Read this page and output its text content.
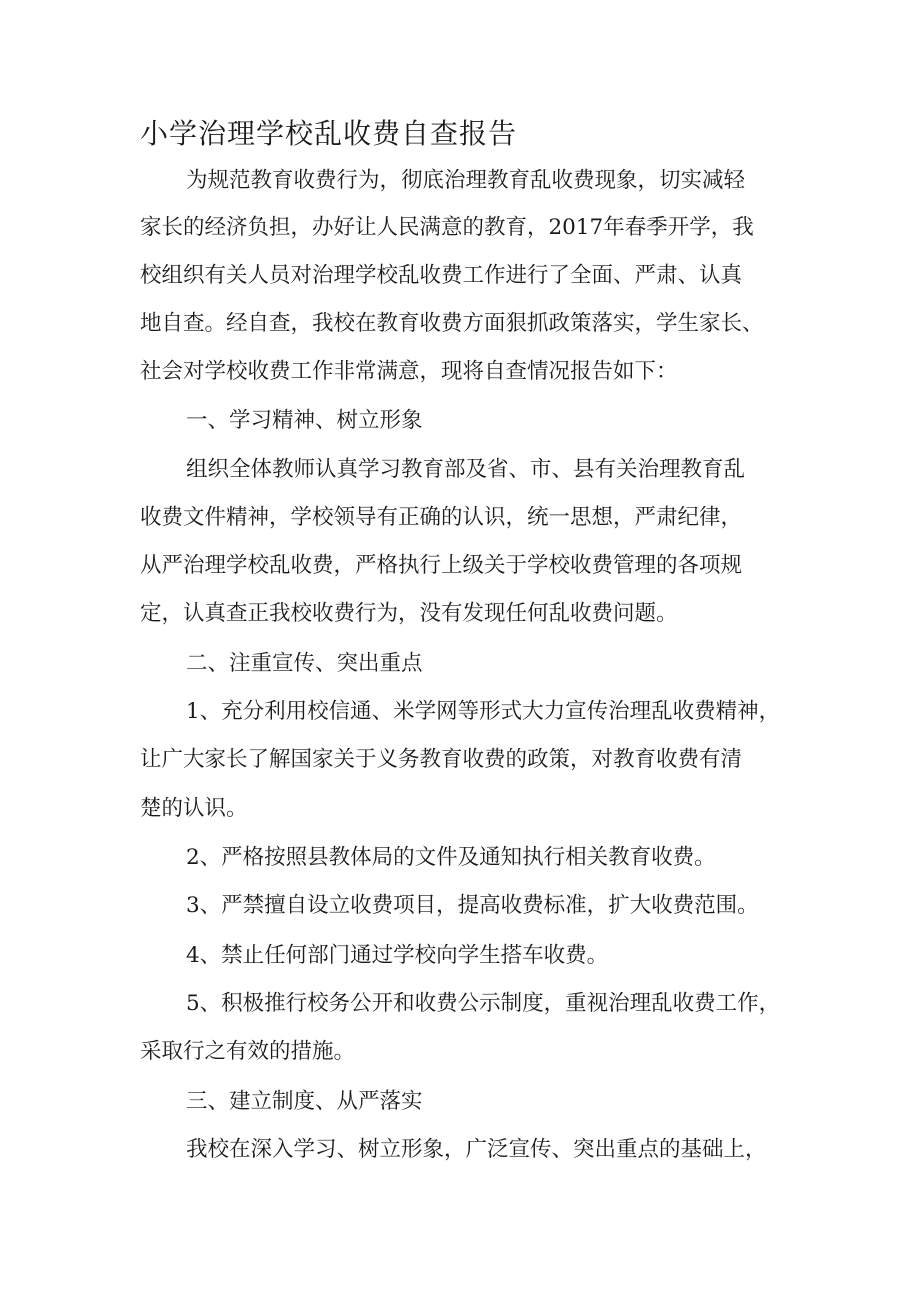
小学治理学校乱收费自查报告

为规范教育收费行为，彻底治理教育乱收费现象，切实减轻

家长的经济负担，办好让人民满意的教育，2017年春季开学，我

校组织有关人员对治理学校乱收费工作进行了全面、严肃、认真

地自查。经自查，我校在教育收费方面狠抓政策落实，学生家长、

社会对学校收费工作非常满意，现将自查情况报告如下：

一、学习精神、树立形象

组织全体教师认真学习教育部及省、市、县有关治理教育乱

收费文件精神，学校领导有正确的认识，统一思想，严肃纪律，

从严治理学校乱收费，严格执行上级关于学校收费管理的各项规

定，认真查正我校收费行为，没有发现任何乱收费问题。

二、注重宣传、突出重点

1、充分利用校信通、米学网等形式大力宣传治理乱收费精神，

让广大家长了解国家关于义务教育收费的政策，对教育收费有清

楚的认识。

2、严格按照县教体局的文件及通知执行相关教育收费。

3、严禁擅自设立收费项目，提高收费标准，扩大收费范围。

4、禁止任何部门通过学校向学生搭车收费。

5、积极推行校务公开和收费公示制度，重视治理乱收费工作，

采取行之有效的措施。

三、建立制度、从严落实

我校在深入学习、树立形象，广泛宣传、突出重点的基础上，
